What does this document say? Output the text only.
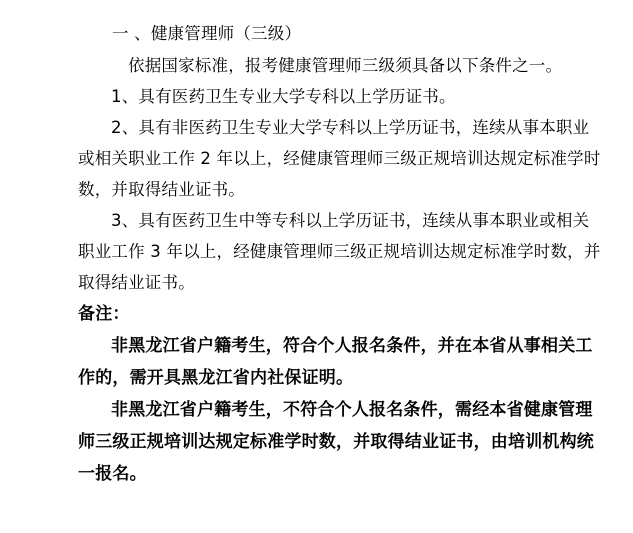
一 、健康管理师（三级）
依据国家标准，报考健康管理师三级须具备以下条件之一。
1、具有医药卫生专业大学专科以上学历证书。
2、具有非医药卫生专业大学专科以上学历证书，连续从事本职业或相关职业工作 2 年以上，经健康管理师三级正规培训达规定标准学时数，并取得结业证书。
3、具有医药卫生中等专科以上学历证书，连续从事本职业或相关职业工作 3 年以上，经健康管理师三级正规培训达规定标准学时数，并取得结业证书。
备注：
非黑龙江省户籍考生，符合个人报名条件，并在本省从事相关工作的，需开具黑龙江省内社保证明。
非黑龙江省户籍考生，不符合个人报名条件，需经本省健康管理师三级正规培训达规定标准学时数，并取得结业证书，由培训机构统一报名。
